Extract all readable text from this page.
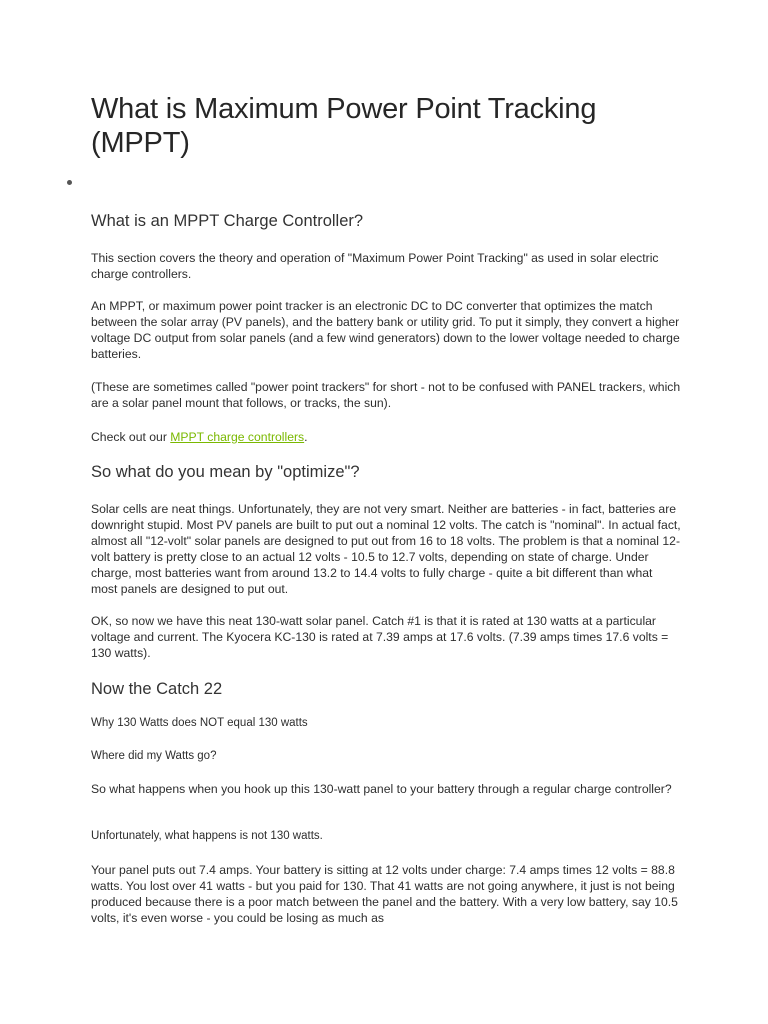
What is Maximum Power Point Tracking (MPPT)
What is an MPPT Charge Controller?

This section covers the theory and operation of "Maximum Power Point Tracking" as used in solar electric charge controllers.

An MPPT, or maximum power point tracker is an electronic DC to DC converter that optimizes the match between the solar array (PV panels), and the battery bank or utility grid. To put it simply, they convert a higher voltage DC output from solar panels (and a few wind generators) down to the lower voltage needed to charge batteries.

(These are sometimes called "power point trackers" for short - not to be confused with PANEL trackers, which are a solar panel mount that follows, or tracks, the sun).

Check out our MPPT charge controllers.

So what do you mean by "optimize"?

Solar cells are neat things. Unfortunately, they are not very smart. Neither are batteries - in fact, batteries are downright stupid. Most PV panels are built to put out a nominal 12 volts. The catch is "nominal". In actual fact, almost all "12-volt" solar panels are designed to put out from 16 to 18 volts. The problem is that a nominal 12-volt battery is pretty close to an actual 12 volts - 10.5 to 12.7 volts, depending on state of charge. Under charge, most batteries want from around 13.2 to 14.4 volts to fully charge - quite a bit different than what most panels are designed to put out.

OK, so now we have this neat 130-watt solar panel. Catch #1 is that it is rated at 130 watts at a particular voltage and current. The Kyocera KC-130 is rated at 7.39 amps at 17.6 volts. (7.39 amps times 17.6 volts = 130 watts).

Now the Catch 22

Why 130 Watts does NOT equal 130 watts

Where did my Watts go?

So what happens when you hook up this 130-watt panel to your battery through a regular charge controller?

Unfortunately, what happens is not 130 watts.

Your panel puts out 7.4 amps. Your battery is sitting at 12 volts under charge: 7.4 amps times 12 volts = 88.8 watts. You lost over 41 watts - but you paid for 130. That 41 watts are not going anywhere, it just is not being produced because there is a poor match between the panel and the battery. With a very low battery, say 10.5 volts, it's even worse - you could be losing as much as
